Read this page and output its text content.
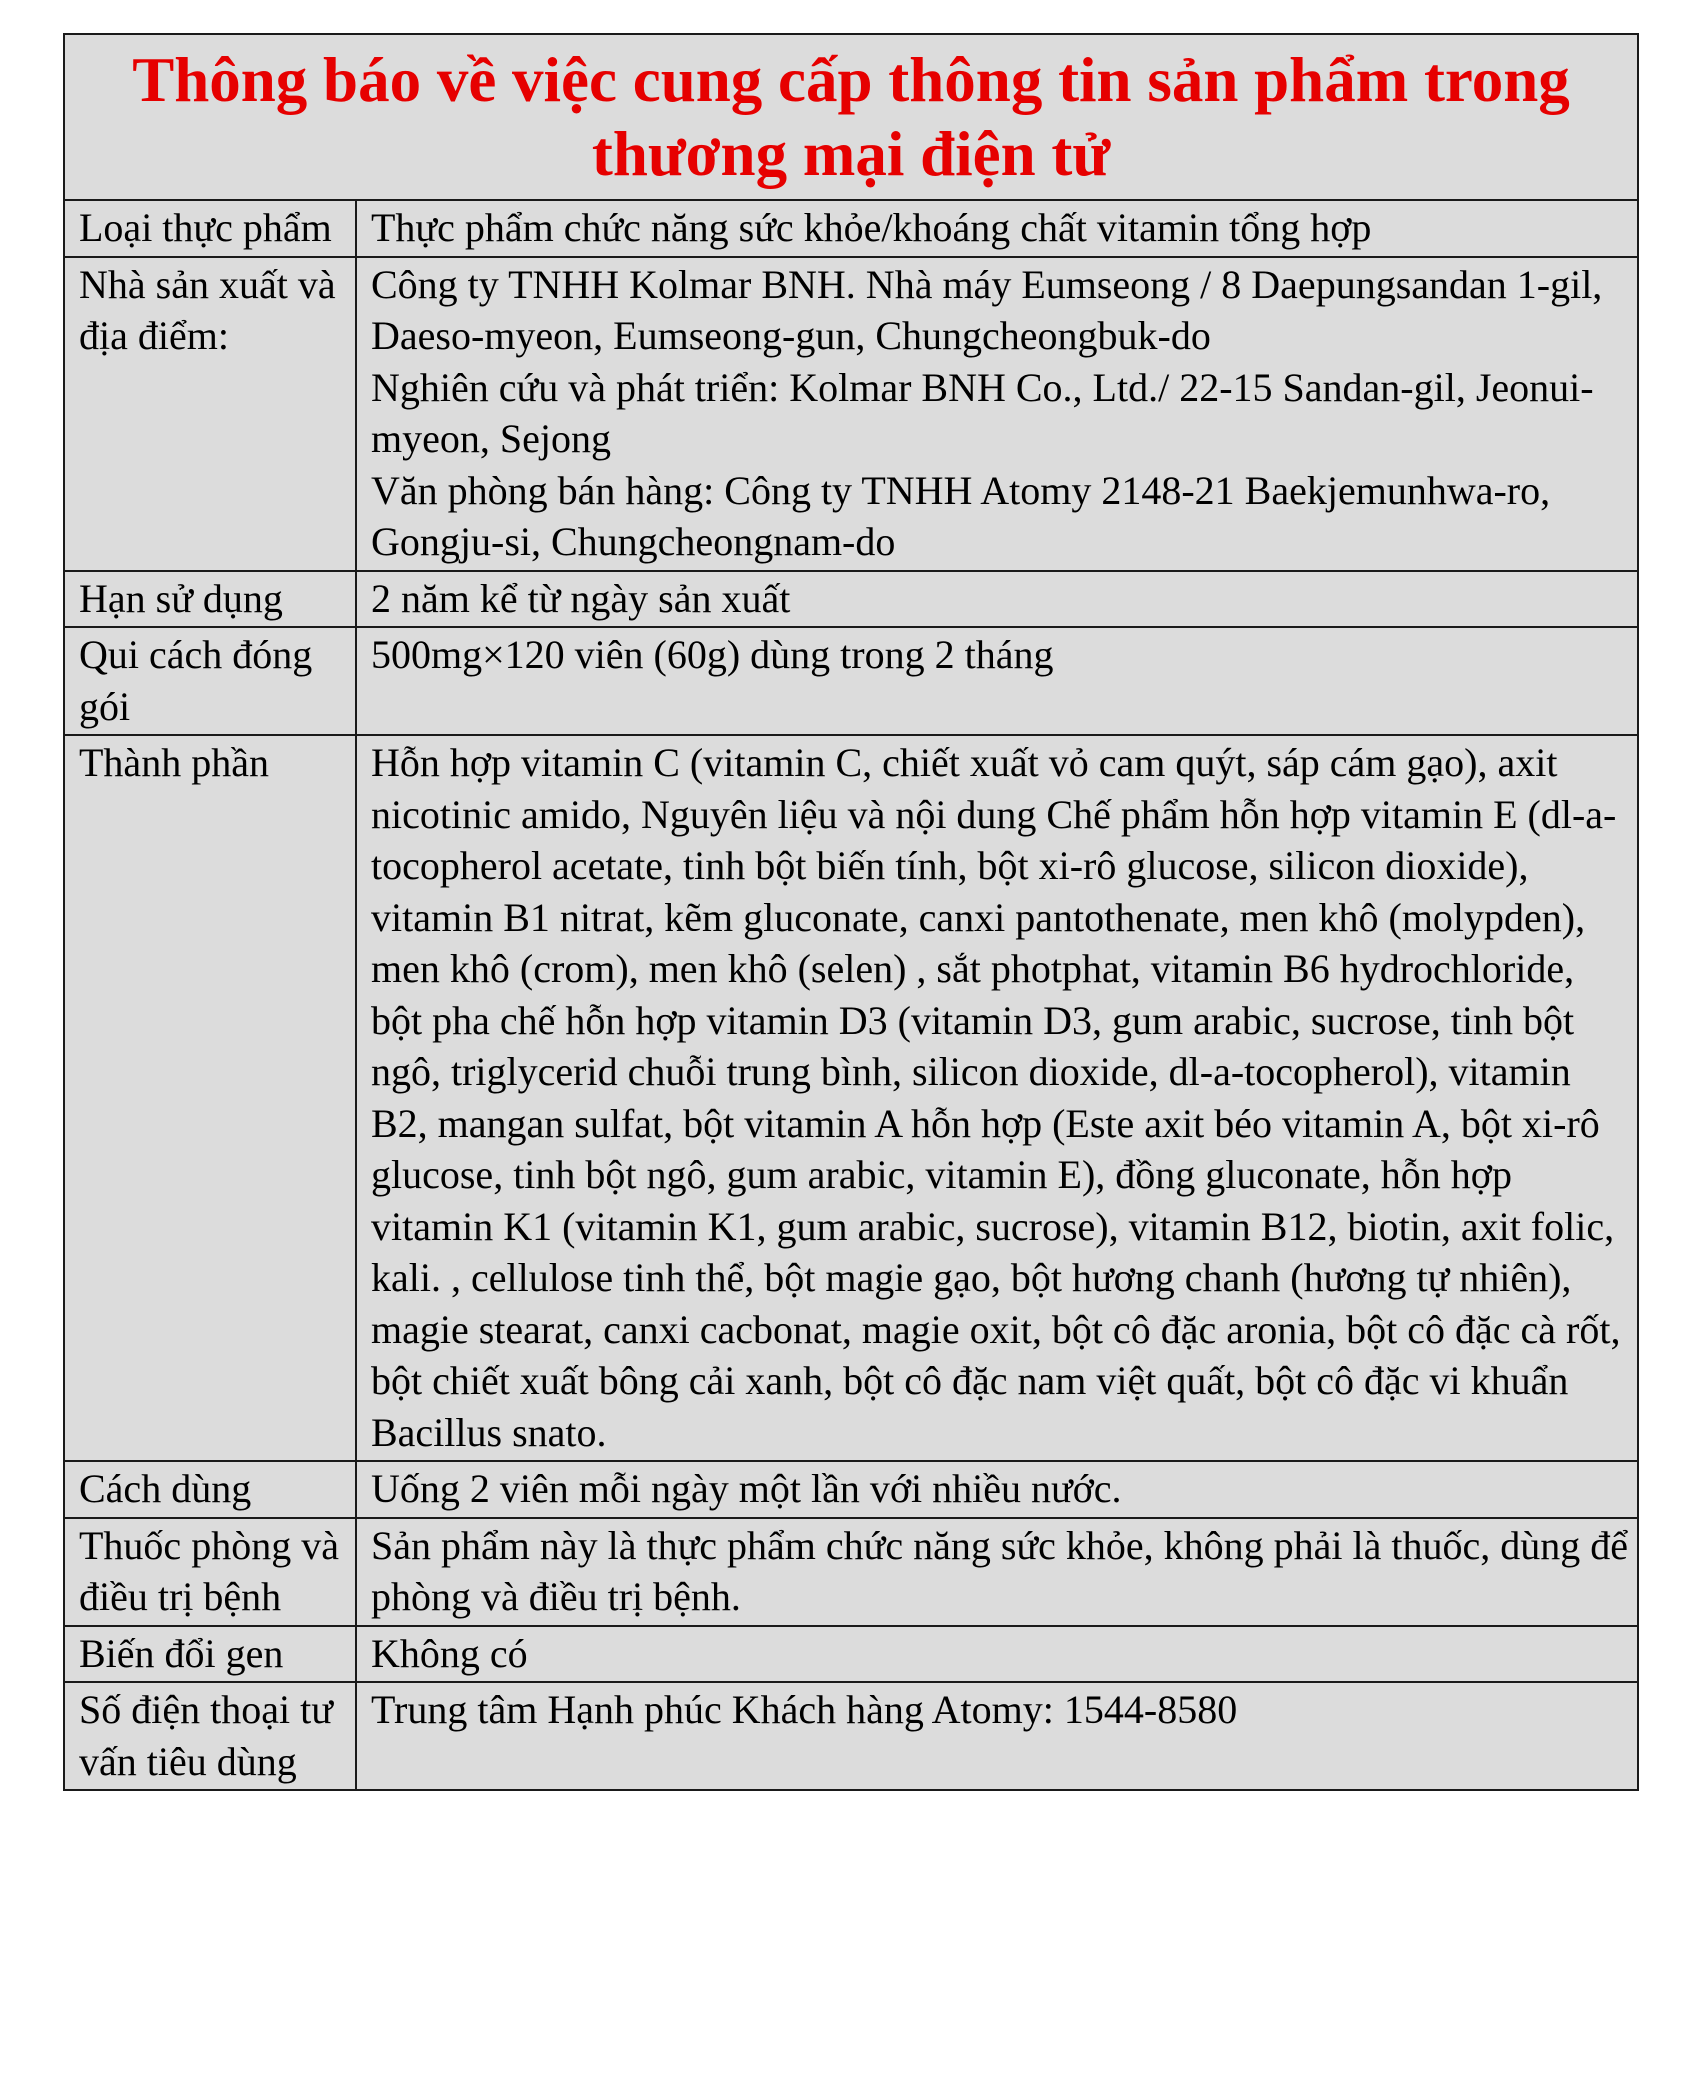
Thông báo về việc cung cấp thông tin sản phẩm trong
thương mại điện tử
Loại thực phẩm	Thực phẩm chức năng sức khỏe/khoáng chất vitamin tổng hợp
Nhà sản xuất và địa điểm:	Công ty TNHH Kolmar BNH. Nhà máy Eumseong / 8 Daepungsandan 1-gil, Daeso-myeon, Eumseong-gun, Chungcheongbuk-do
Nghiên cứu và phát triển: Kolmar BNH Co., Ltd./ 22-15 Sandan-gil, Jeonui-myeon, Sejong
Văn phòng bán hàng: Công ty TNHH Atomy 2148-21 Baekjemunhwa-ro, Gongju-si, Chungcheongnam-do

Hạn sử dụng	2 năm kể từ ngày sản xuất
Qui cách đóng gói	500mg×120 viên (60g) dùng trong 2 tháng
Thành phần	Hỗn hợp vitamin C (vitamin C, chiết xuất vỏ cam quýt, sáp cám gạo), axit nicotinic amido, Nguyên liệu và nội dung Chế phẩm hỗn hợp vitamin E (dl-a-tocopherol acetate, tinh bột biến tính, bột xi-rô glucose, silicon dioxide), vitamin B1 nitrat, kẽm gluconate, canxi pantothenate, men khô (molypden), men khô (crom), men khô (selen) , sắt photphat, vitamin B6 hydrochloride, bột pha chế hỗn hợp vitamin D3 (vitamin D3, gum arabic, sucrose, tinh bột ngô, triglycerid chuỗi trung bình, silicon dioxide, dl-a-tocopherol), vitamin B2, mangan sulfat, bột vitamin A hỗn hợp (Este axit béo vitamin A, bột xi-rô glucose, tinh bột ngô, gum arabic, vitamin E), đồng gluconate, hỗn hợp vitamin K1 (vitamin K1, gum arabic, sucrose), vitamin B12, biotin, axit folic, kali. , cellulose tinh thể, bột magie gạo, bột hương chanh (hương tự nhiên), magie stearat, canxi cacbonat, magie oxit, bột cô đặc aronia, bột cô đặc cà rốt, bột chiết xuất bông cải xanh, bột cô đặc nam việt quất, bột cô đặc vi khuẩn Bacillus snato.
Cách dùng	Uống 2 viên mỗi ngày một lần với nhiều nước.
Thuốc phòng và điều trị bệnh	Sản phẩm này là thực phẩm chức năng sức khỏe, không phải là thuốc, dùng để phòng và điều trị bệnh.
Biến đổi gen	Không có
Số điện thoại tư vấn tiêu dùng	Trung tâm Hạnh phúc Khách hàng Atomy: 1544-8580
